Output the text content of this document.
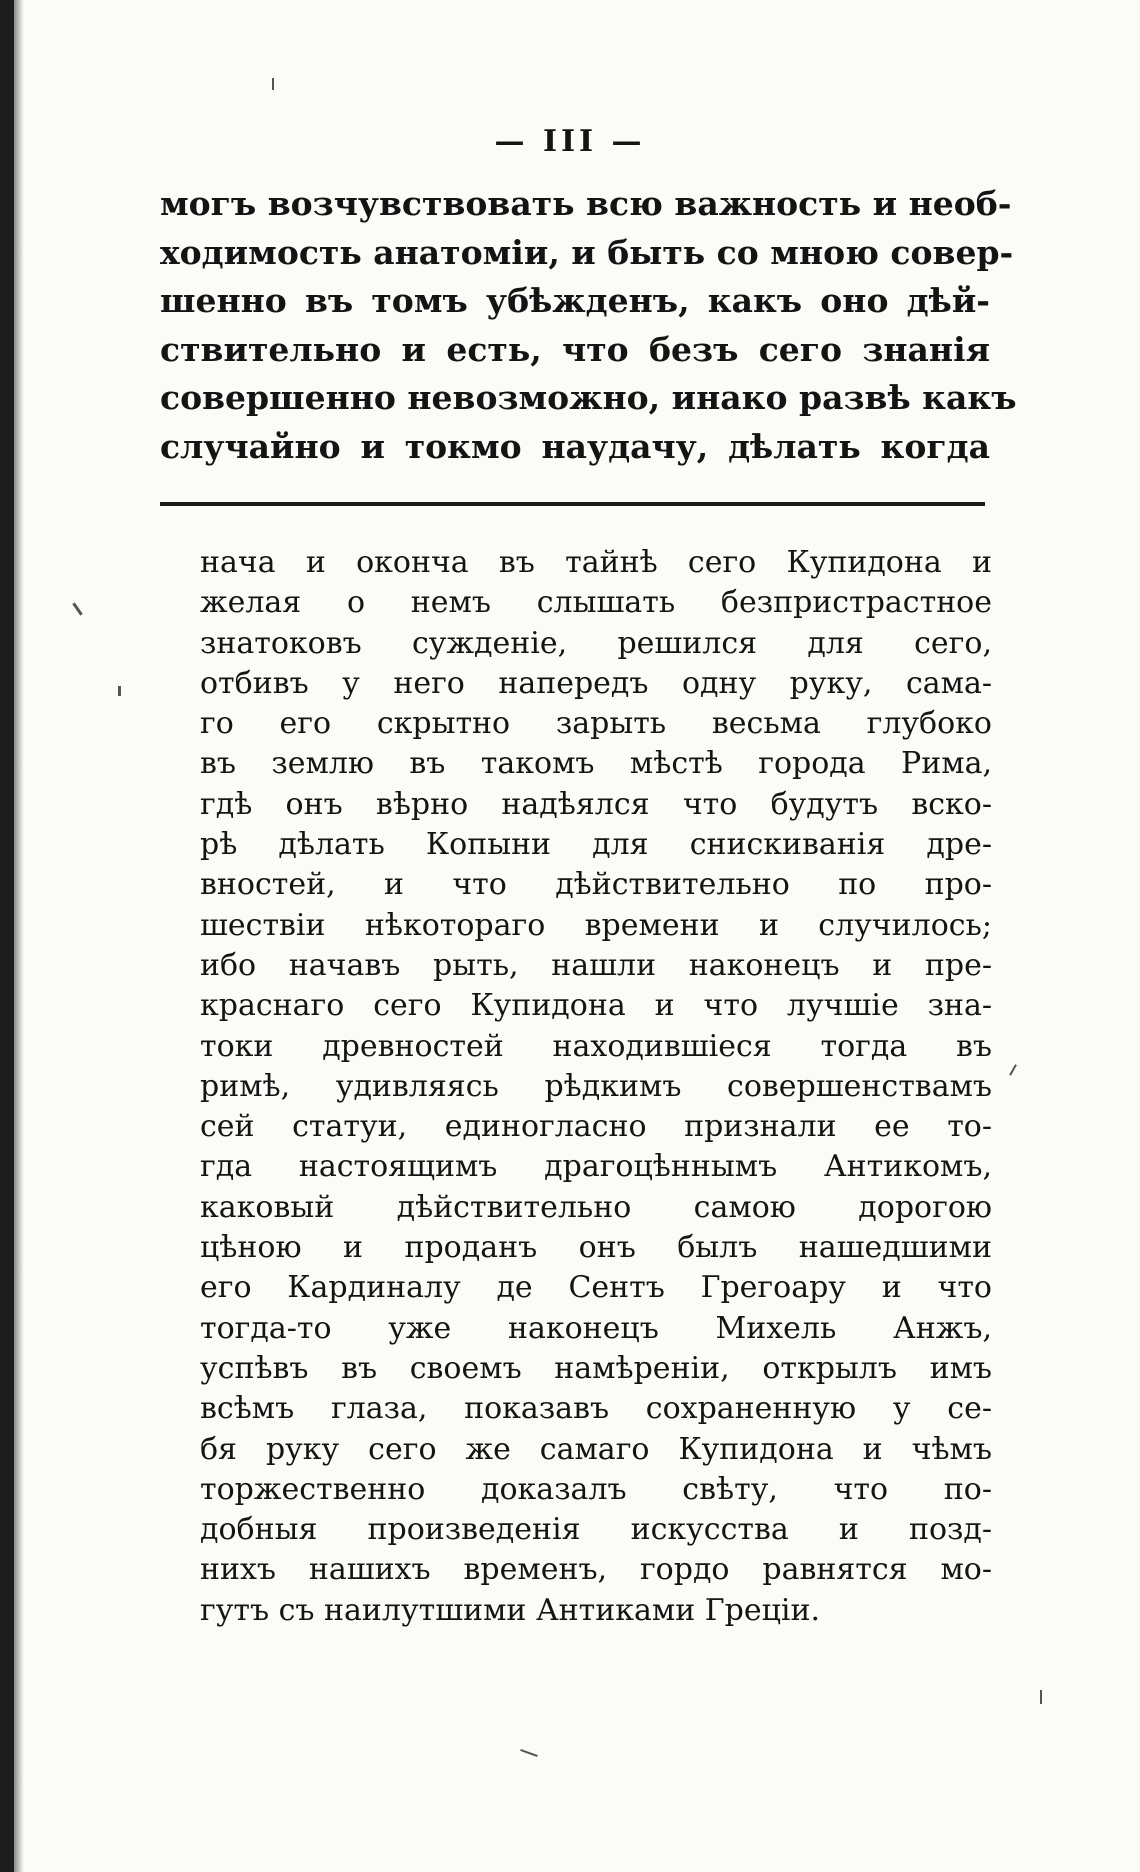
— III —
могъ возчувствовать всю важность и необ-
ходимость анатоміи, и быть со мною совер-
шенно въ томъ убѣжденъ, какъ оно дѣй-
ствительно и есть, что безъ сего знанія
совершенно невозможно, инако развѣ какъ
случайно и токмо наудачу, дѣлать когда
нача и оконча въ тайнѣ сего Купидона и
желая о немъ слышать безпристрастное
знатоковъ сужденіе, решился для сего,
отбивъ у него напередъ одну руку, сама-
го его скрытно зарыть весьма глубоко
въ землю въ такомъ мѣстѣ города Рима,
гдѣ онъ вѣрно надѣялся что будутъ вско-
рѣ дѣлать Копыни для снискиванія дре-
вностей, и что дѣйствительно по про-
шествіи нѣкотораго времени и случилось;
ибо начавъ рыть, нашли наконецъ и пре-
краснаго сего Купидона и что лучшіе зна-
токи древностей находившіеся тогда въ
римѣ, удивляясь рѣдкимъ совершенствамъ
сей статуи, единогласно признали ее то-
гда настоящимъ драгоцѣннымъ Антикомъ,
каковый дѣйствительно самою дорогою
цѣною и проданъ онъ былъ нашедшими
его Кардиналу де Сентъ Грегоару и что
тогда-то уже наконецъ Михель Анжъ,
успѣвъ въ своемъ намѣреніи, открылъ имъ
всѣмъ глаза, показавъ сохраненную у се-
бя руку сего же самаго Купидона и чѣмъ
торжественно доказалъ свѣту, что по-
добныя произведенія искусства и позд-
нихъ нашихъ временъ, гордо равнятся мо-
гутъ съ наилутшими Антиками Греціи.
